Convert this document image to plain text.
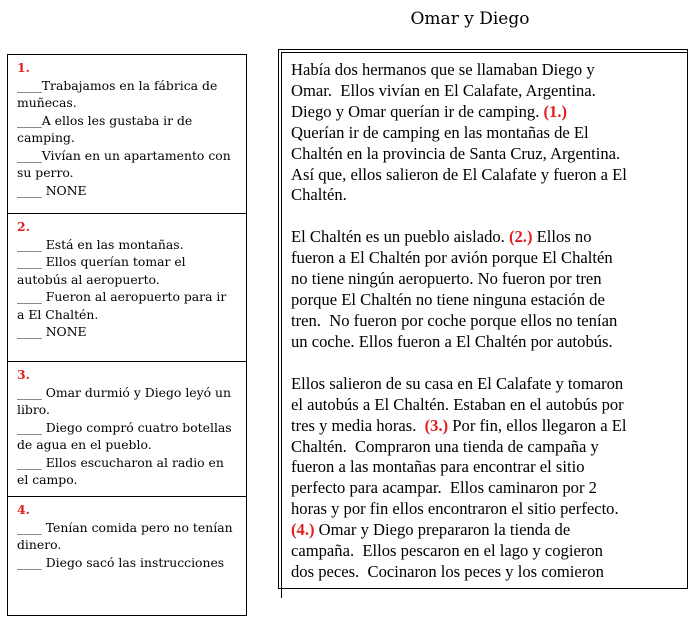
Omar y Diego
1.
____Trabajamos en la fábrica de
muñecas.
____A ellos les gustaba ir de
camping.
____Vivían en un apartamento con
su perro.
____ NONE
2.
____ Está en las montañas.
____ Ellos querían tomar el
autobús al aeropuerto.
____ Fueron al aeropuerto para ir
a El Chaltén.
____ NONE
3.
____ Omar durmió y Diego leyó un
libro.
____ Diego compró cuatro botellas
de agua en el pueblo.
____ Ellos escucharon al radio en
el campo.
4.
____ Tenían comida pero no tenían
dinero.
____ Diego sacó las instrucciones
Había dos hermanos que se llamaban Diego y
Omar.  Ellos vivían en El Calafate, Argentina.
Diego y Omar querían ir de camping. (1.)
Querían ir de camping en las montañas de El
Chaltén en la provincia de Santa Cruz, Argentina.
Así que, ellos salieron de El Calafate y fueron a El
Chaltén.
El Chaltén es un pueblo aislado. (2.) Ellos no
fueron a El Chaltén por avión porque El Chaltén
no tiene ningún aeropuerto. No fueron por tren
porque El Chaltén no tiene ninguna estación de
tren.  No fueron por coche porque ellos no tenían
un coche. Ellos fueron a El Chaltén por autobús.
Ellos salieron de su casa en El Calafate y tomaron
el autobús a El Chaltén. Estaban en el autobús por
tres y media horas.  (3.) Por fin, ellos llegaron a El
Chaltén.  Compraron una tienda de campaña y
fueron a las montañas para encontrar el sitio
perfecto para acampar.  Ellos caminaron por 2
horas y por fin ellos encontraron el sitio perfecto.
(4.) Omar y Diego prepararon la tienda de
campaña.  Ellos pescaron en el lago y cogieron
dos peces.  Cocinaron los peces y los comieron
